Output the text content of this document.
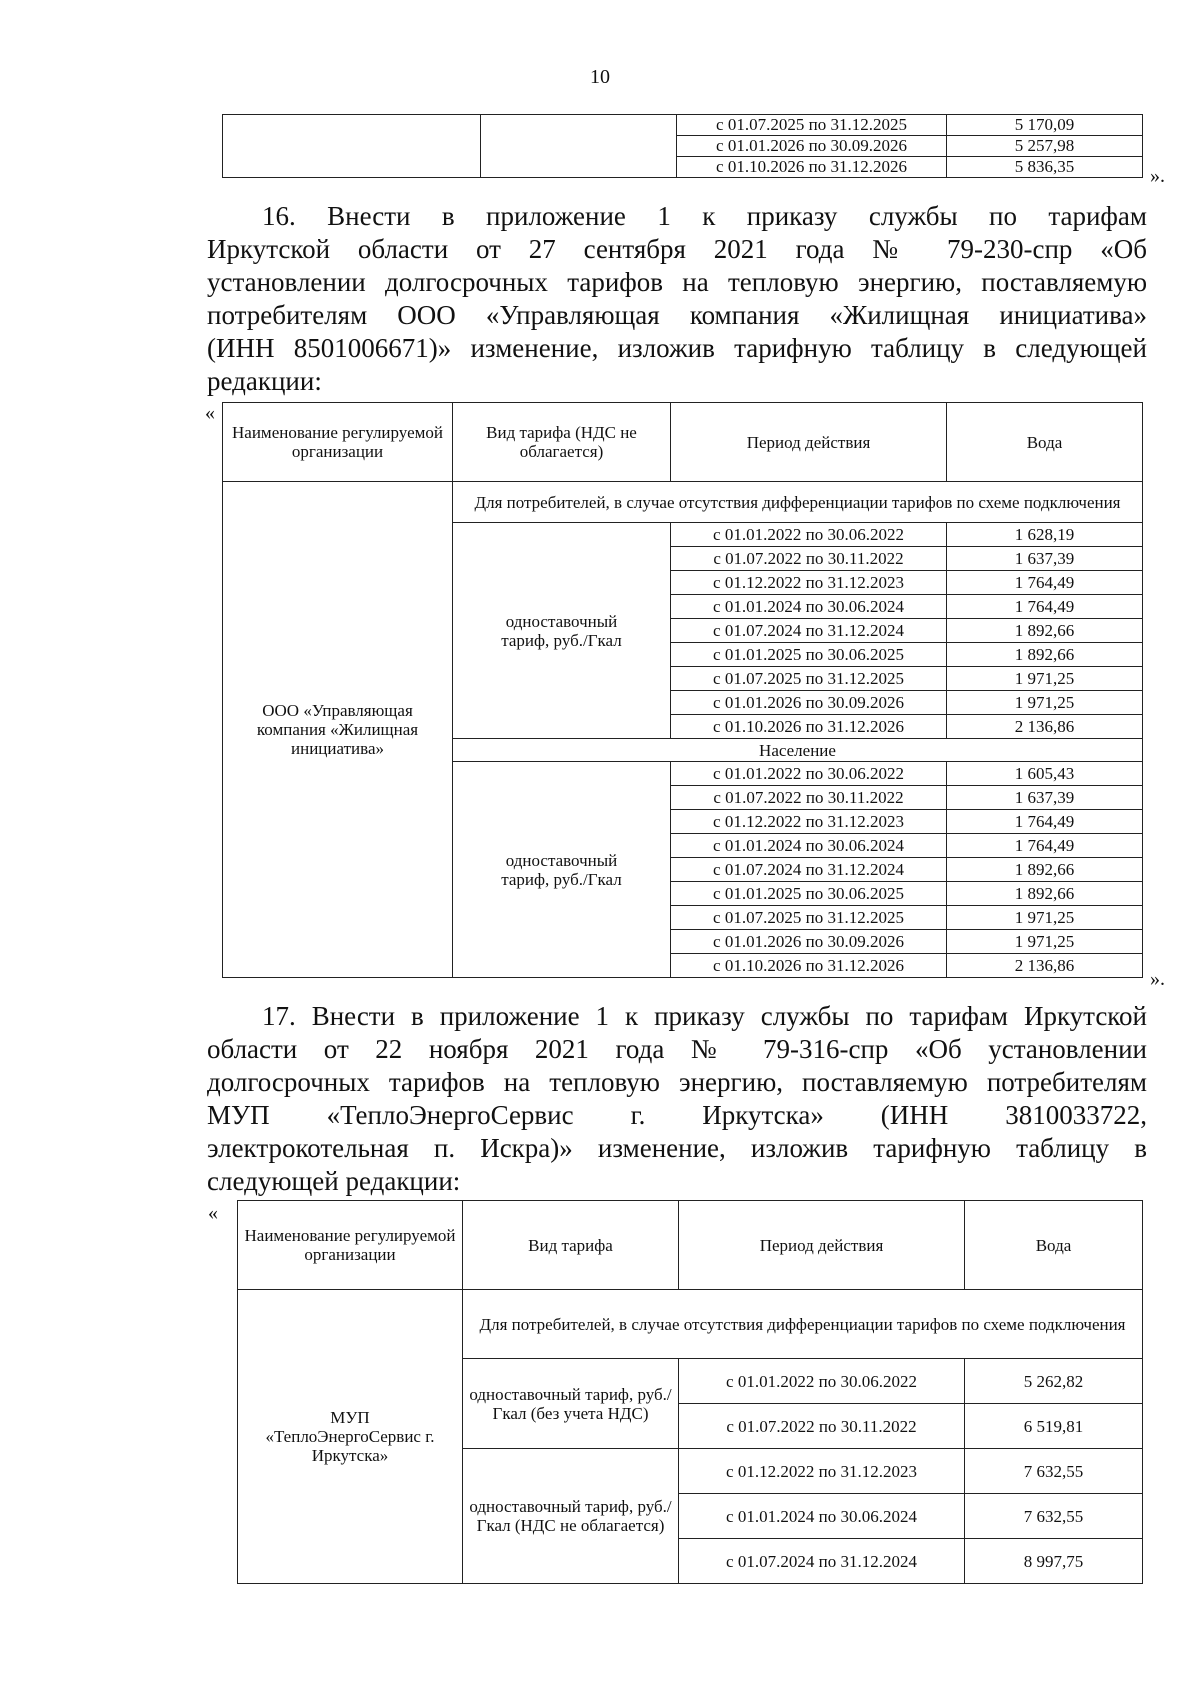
10
		с 01.07.2025 по 31.12.2025	5 170,09
		с 01.01.2026 по 30.09.2026	5 257,98
		с 01.10.2026 по 31.12.2026	5 836,35	».
16. Внести в приложение 1 к приказу службы по тарифам
Иркутской области от 27 сентября 2021 года № 79-230-спр «Об
установлении долгосрочных тарифов на тепловую энергию, поставляемую
потребителям ООО «Управляющая компания «Жилищная инициатива»
(ИНН 8501006671)» изменение, изложив тарифную таблицу в следующей
редакции:
«
Наименование регулируемой организации	Вид тарифа (НДС не облагается)	Период действия	Вода
ООО «Управляющая компания «Жилищная инициатива»	Для потребителей, в случае отсутствия дифференциации тарифов по схеме подключения		
	одноставочный тариф, руб./Гкал	с 01.01.2022 по 30.06.2022	1 628,19
		с 01.07.2022 по 30.11.2022	1 637,39
		с 01.12.2022 по 31.12.2023	1 764,49
		с 01.01.2024 по 30.06.2024	1 764,49
		с 01.07.2024 по 31.12.2024	1 892,66
		с 01.01.2025 по 30.06.2025	1 892,66
		с 01.07.2025 по 31.12.2025	1 971,25
		с 01.01.2026 по 30.09.2026	1 971,25
		с 01.10.2026 по 31.12.2026	2 136,86
	Население		
	одноставочный тариф, руб./Гкал	с 01.01.2022 по 30.06.2022	1 605,43
		с 01.07.2022 по 30.11.2022	1 637,39
		с 01.12.2022 по 31.12.2023	1 764,49
		с 01.01.2024 по 30.06.2024	1 764,49
		с 01.07.2024 по 31.12.2024	1 892,66
		с 01.01.2025 по 30.06.2025	1 892,66
		с 01.07.2025 по 31.12.2025	1 971,25
		с 01.01.2026 по 30.09.2026	1 971,25
		с 01.10.2026 по 31.12.2026	2 136,86
».
17. Внести в приложение 1 к приказу службы по тарифам Иркутской
области от 22 ноября 2021 года № 79-316-спр «Об установлении
долгосрочных тарифов на тепловую энергию, поставляемую потребителям
МУП «ТеплоЭнергоСервис г. Иркутска» (ИНН 3810033722,
электрокотельная п. Искра)» изменение, изложив тарифную таблицу в
следующей редакции:
«
Наименование регулируемой организации	Вид тарифа	Период действия	Вода
МУП «ТеплоЭнергоСервис г. Иркутска»	Для потребителей, в случае отсутствия дифференциации тарифов по схеме подключения		
	одноставочный тариф, руб./Гкал (без учета НДС)	с 01.01.2022 по 30.06.2022	5 262,82
		с 01.07.2022 по 30.11.2022	6 519,81
	одноставочный тариф, руб./Гкал (НДС не облагается)	с 01.12.2022 по 31.12.2023	7 632,55
		с 01.01.2024 по 30.06.2024	7 632,55
		с 01.07.2024 по 31.12.2024	8 997,75
